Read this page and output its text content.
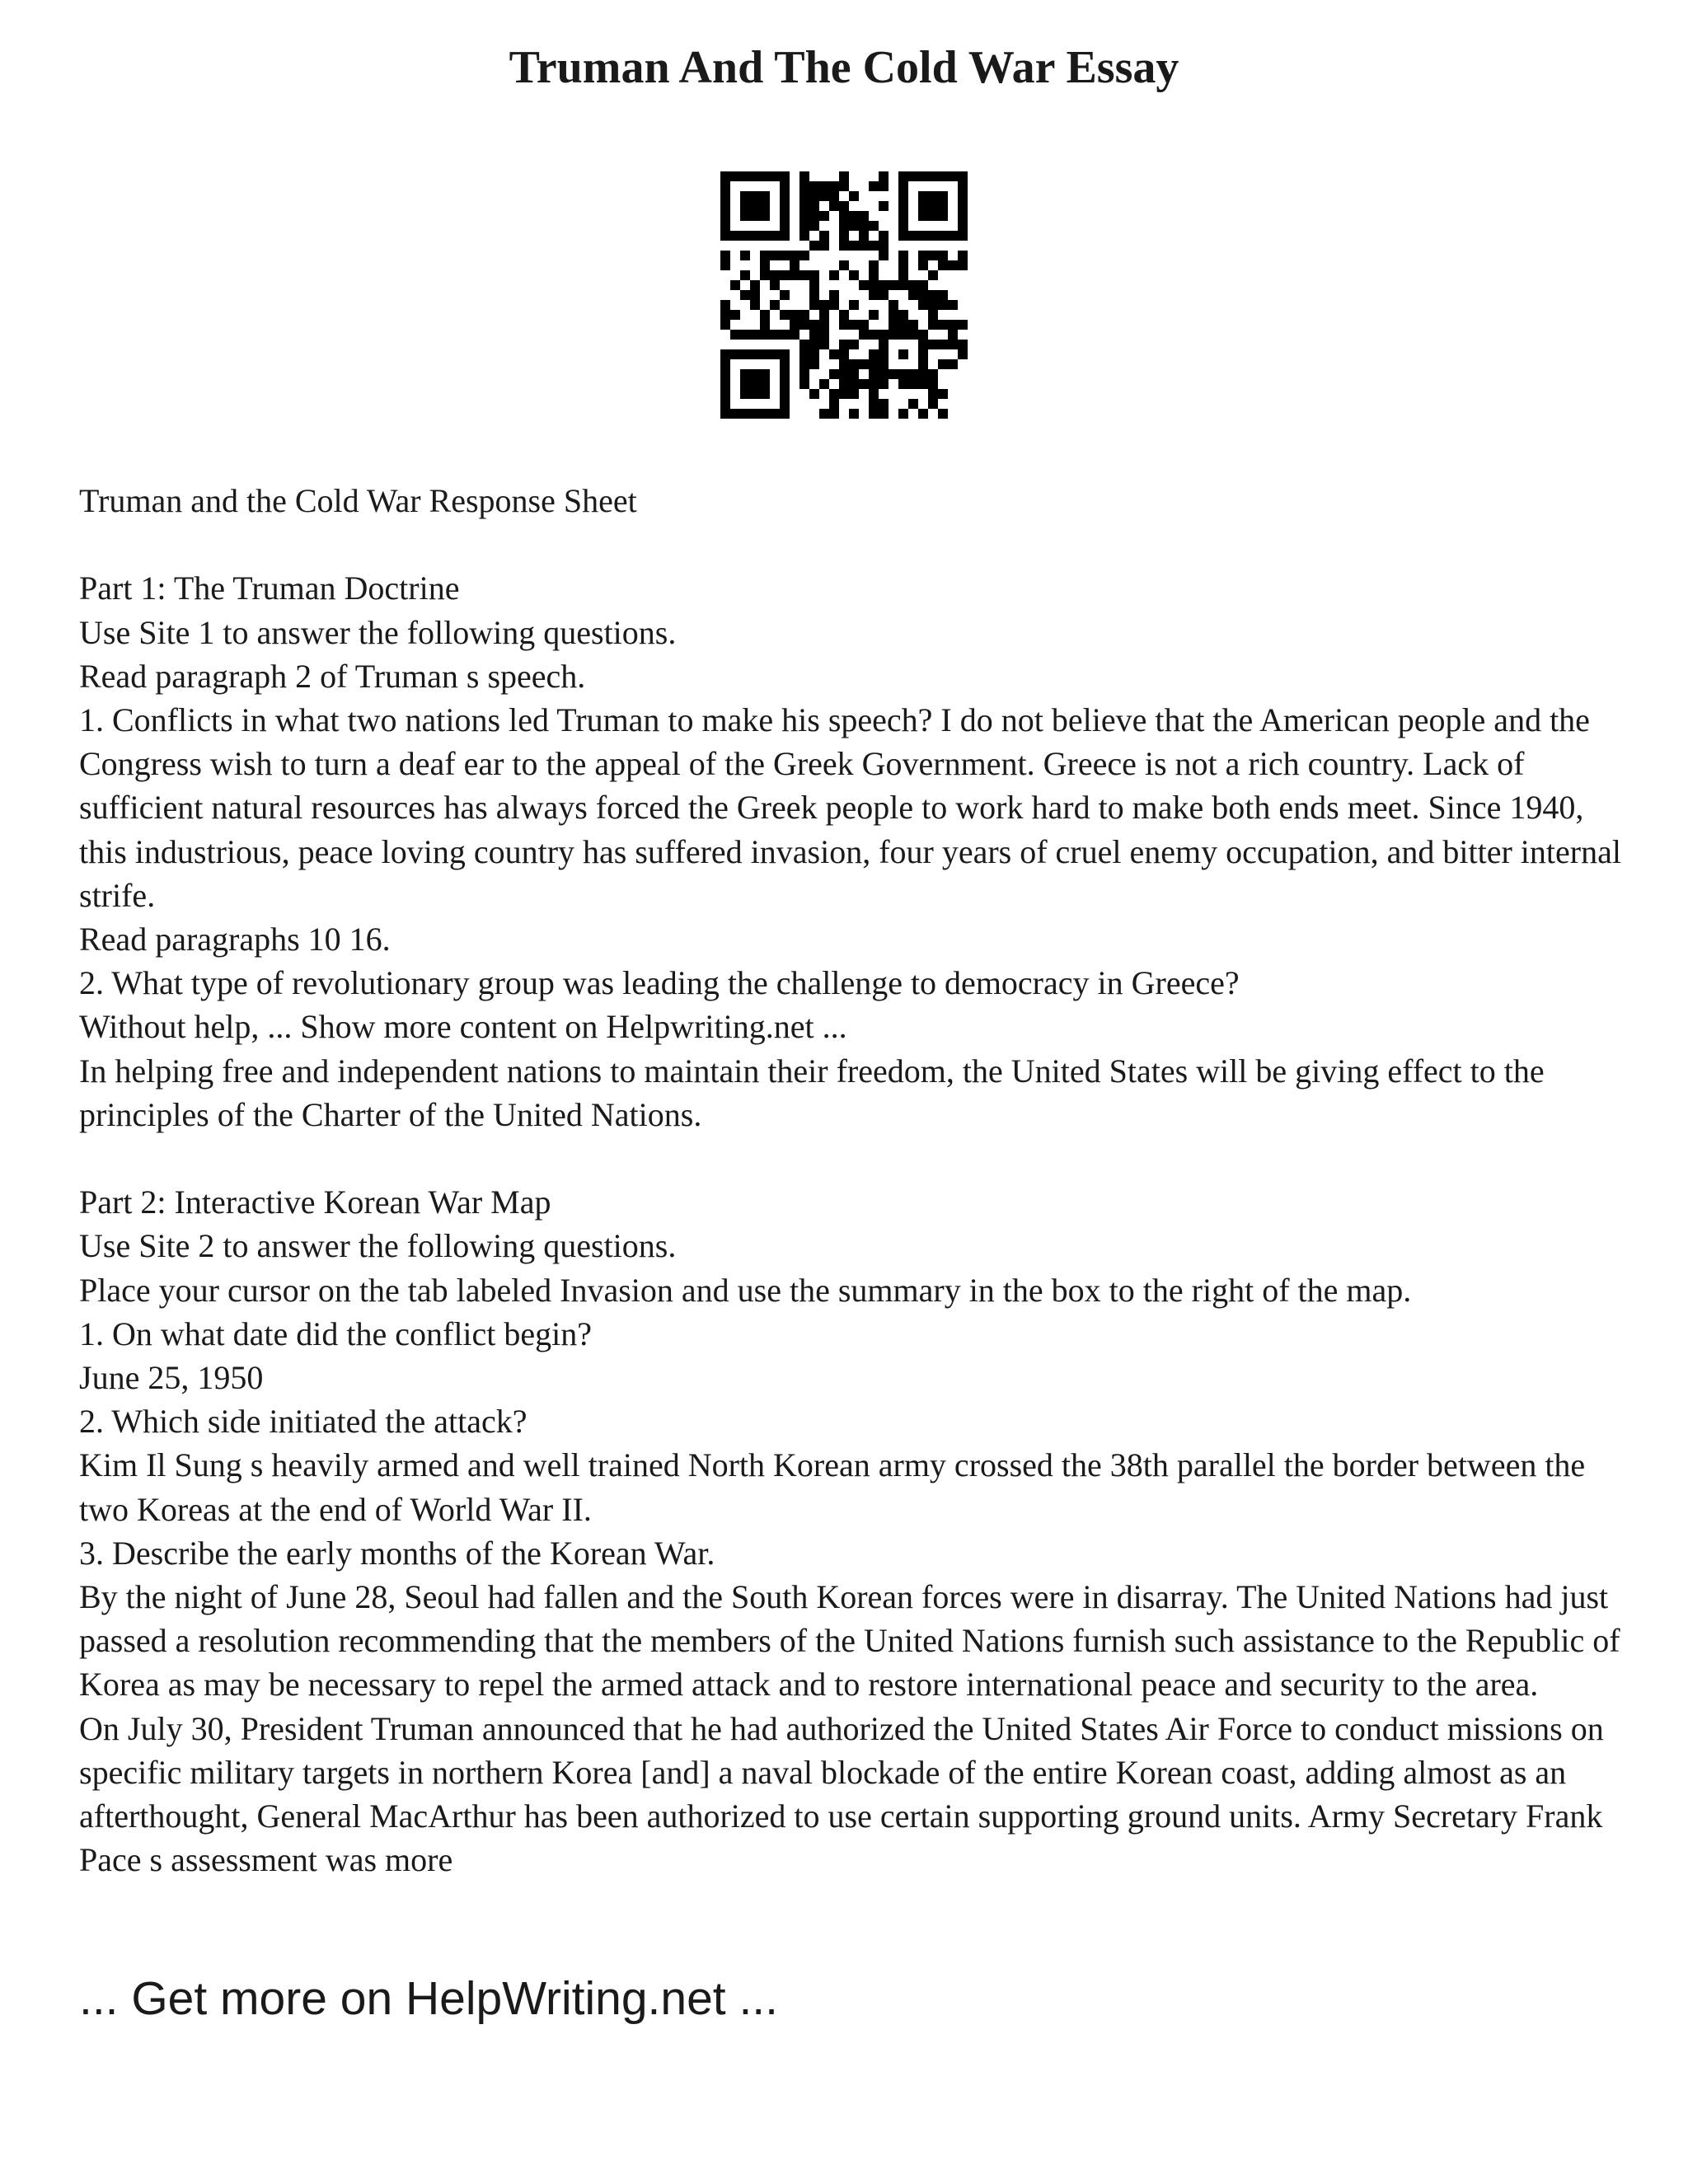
Truman And The Cold War Essay
Truman and the Cold War Response Sheet
Part 1: The Truman Doctrine
Use Site 1 to answer the following questions.
Read paragraph 2 of Truman s speech.
1. Conflicts in what two nations led Truman to make his speech? I do not believe that the American people and the Congress wish to turn a deaf ear to the appeal of the Greek Government. Greece is not a rich country. Lack of sufficient natural resources has always forced the Greek people to work hard to make both ends meet. Since 1940, this industrious, peace loving country has suffered invasion, four years of cruel enemy occupation, and bitter internal strife.
Read paragraphs 10 16.
2. What type of revolutionary group was leading the challenge to democracy in Greece?
Without help, ... Show more content on Helpwriting.net ...
In helping free and independent nations to maintain their freedom, the United States will be giving effect to the principles of the Charter of the United Nations.
Part 2: Interactive Korean War Map
Use Site 2 to answer the following questions.
Place your cursor on the tab labeled Invasion and use the summary in the box to the right of the map.
1. On what date did the conflict begin?
June 25, 1950
2. Which side initiated the attack?
Kim Il Sung s heavily armed and well trained North Korean army crossed the 38th parallel the border between the two Koreas at the end of World War II.
3. Describe the early months of the Korean War.
By the night of June 28, Seoul had fallen and the South Korean forces were in disarray. The United Nations had just passed a resolution recommending that the members of the United Nations furnish such assistance to the Republic of Korea as may be necessary to repel the armed attack and to restore international peace and security to the area.
On July 30, President Truman announced that he had authorized the United States Air Force to conduct missions on specific military targets in northern Korea [and] a naval blockade of the entire Korean coast, adding almost as an afterthought, General MacArthur has been authorized to use certain supporting ground units. Army Secretary Frank Pace s assessment was more
... Get more on HelpWriting.net ...
